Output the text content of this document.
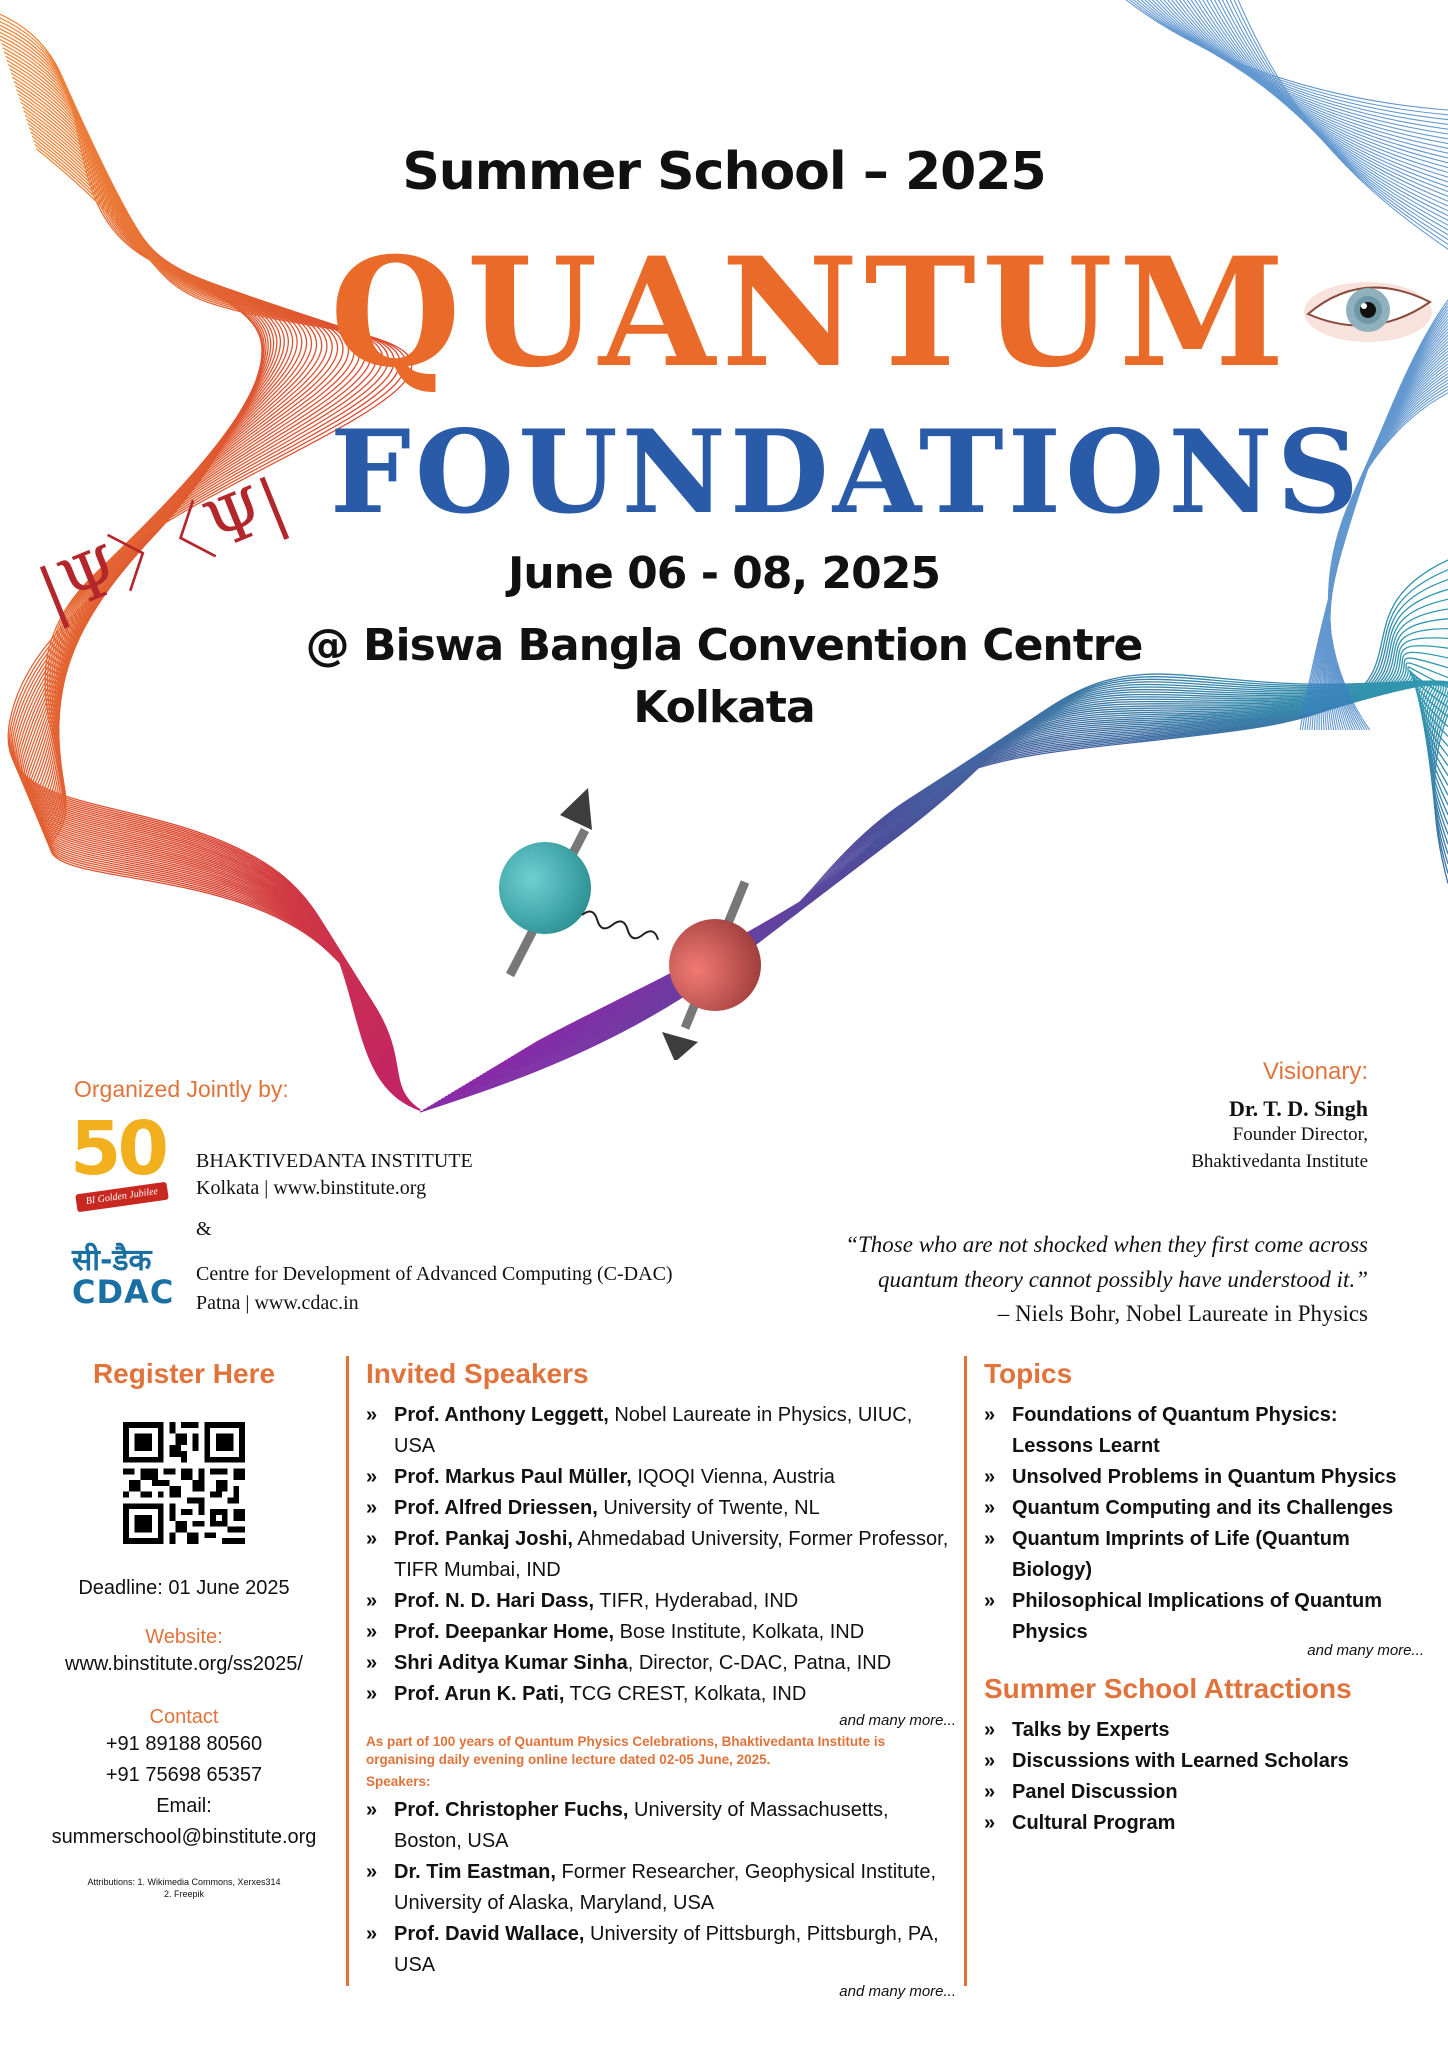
|Ψ〉〈Ψ|
Summer School – 2025
QUANTUM
FOUNDATIONS
June 06 - 08, 2025
@ Biswa Bangla Convention Centre
Kolkata
Organized Jointly by:
50
BI Golden Jubilee
BHAKTIVEDANTA INSTITUTE
Kolkata | www.binstitute.org
&
सी-डैक
CDAC	Centre for Development of Advanced Computing (C-DAC)
Patna | www.cdac.in
Visionary:
Dr. T. D. Singh
Founder Director,
Bhaktivedanta Institute
“Those who are not shocked when they first come across
quantum theory cannot possibly have understood it.”
– Niels Bohr, Nobel Laureate in Physics
Register Here
Deadline: 01 June 2025
Website:
www.binstitute.org/ss2025/
Contact
+91 89188 80560
+91 75698 65357
Email:
summerschool@binstitute.org
Attributions: 1. Wikimedia Commons, Xerxes314
2. Freepik
Invited Speakers
» Prof. Anthony Leggett, Nobel Laureate in Physics, UIUC, USA
» Prof. Markus Paul Müller, IQOQI Vienna, Austria
» Prof. Alfred Driessen, University of Twente, NL
» Prof. Pankaj Joshi, Ahmedabad University, Former Professor, TIFR Mumbai, IND
» Prof. N. D. Hari Dass, TIFR, Hyderabad, IND
» Prof. Deepankar Home, Bose Institute, Kolkata, IND
» Shri Aditya Kumar Sinha, Director, C-DAC, Patna, IND
» Prof. Arun K. Pati, TCG CREST, Kolkata, IND
and many more...
As part of 100 years of Quantum Physics Celebrations, Bhaktivedanta Institute is organising daily evening online lecture dated 02-05 June, 2025.
Speakers:
» Prof. Christopher Fuchs, University of Massachusetts, Boston, USA
» Dr. Tim Eastman, Former Researcher, Geophysical Institute, University of Alaska, Maryland, USA
» Prof. David Wallace, University of Pittsburgh, Pittsburgh, PA, USA
and many more...
Topics
» Foundations of Quantum Physics: Lessons Learnt
» Unsolved Problems in Quantum Physics
» Quantum Computing and its Challenges
» Quantum Imprints of Life (Quantum Biology)
» Philosophical Implications of Quantum Physics
and many more...
Summer School Attractions
» Talks by Experts
» Discussions with Learned Scholars
» Panel Discussion
» Cultural Program
